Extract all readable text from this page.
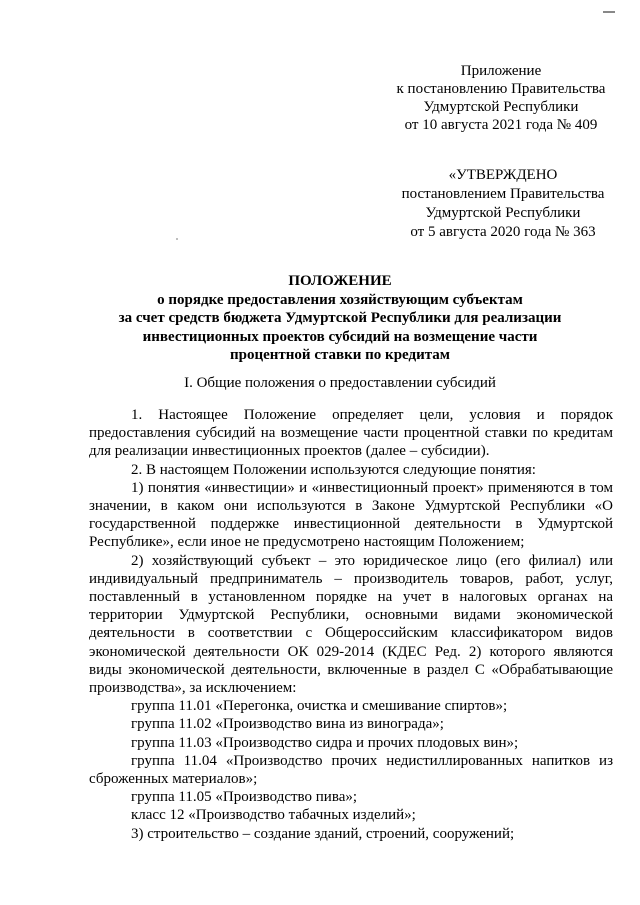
Приложение
к постановлению Правительства
Удмуртской Республики
от 10 августа 2021 года № 409
«УТВЕРЖДЕНО
постановлением Правительства
Удмуртской Республики
от 5 августа 2020 года № 363
ПОЛОЖЕНИЕ
о порядке предоставления хозяйствующим субъектам
за счет средств бюджета Удмуртской Республики для реализации
инвестиционных проектов субсидий на возмещение части
процентной ставки по кредитам
I. Общие положения о предоставлении субсидий

1. Настоящее Положение определяет цели, условия и порядок

предоставления субсидий на возмещение части процентной ставки по кредитам

для реализации инвестиционных проектов (далее – субсидии).

2. В настоящем Положении используются следующие понятия:

1) понятия «инвестиции» и «инвестиционный проект» применяются в том

значении, в каком они используются в Законе Удмуртской Республики «О

государственной поддержке инвестиционной деятельности в Удмуртской

Республике», если иное не предусмотрено настоящим Положением;

2) хозяйствующий субъект – это юридическое лицо (его филиал) или

индивидуальный предприниматель – производитель товаров, работ, услуг,

поставленный в установленном порядке на учет в налоговых органах на

территории Удмуртской Республики, основными видами экономической

деятельности в соответствии с Общероссийским классификатором видов

экономической деятельности ОК 029-2014 (КДЕС Ред. 2) которого являются

виды экономической деятельности, включенные в раздел С «Обрабатывающие

производства», за исключением:

группа 11.01 «Перегонка, очистка и смешивание спиртов»;

группа 11.02 «Производство вина из винограда»;

группа 11.03 «Производство сидра и прочих плодовых вин»;

группа 11.04 «Производство прочих недистиллированных напитков из

сброженных материалов»;

группа 11.05 «Производство пива»;

класс 12 «Производство табачных изделий»;

3) строительство – создание зданий, строений, сооружений;
